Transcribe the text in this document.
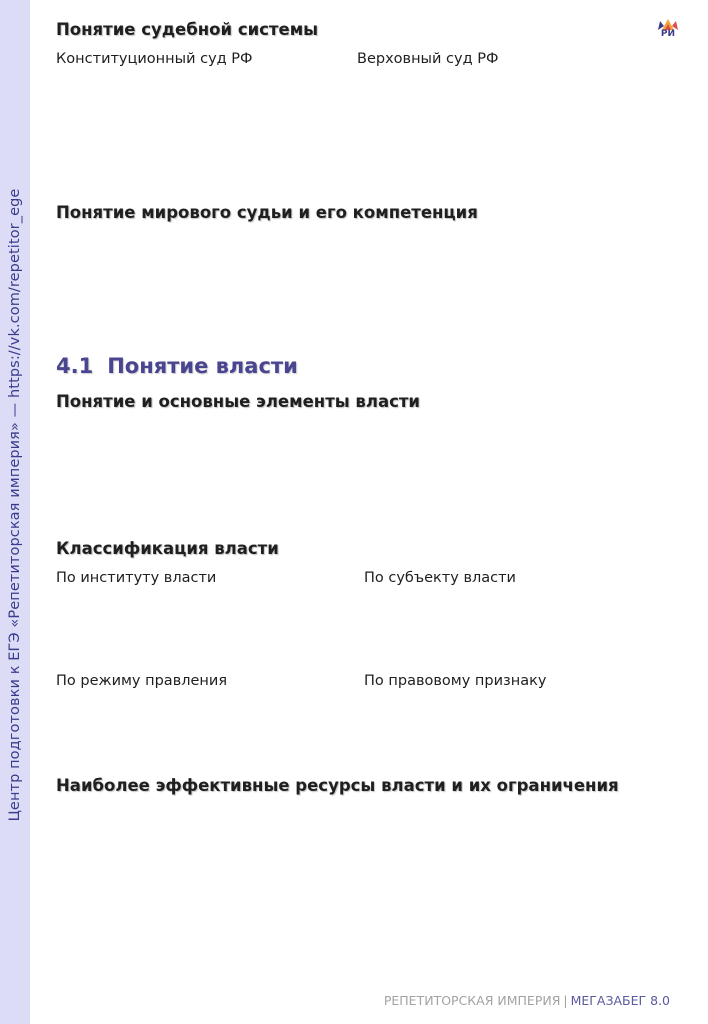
Центр подготовки к ЕГЭ «Репетиторская империя» — https://vk.com/repetitor_ege
РИ
Понятие судебной системы
Конституционный суд РФ	Верховный суд РФ
Понятие мирового судьи и его компетенция
4.1 Понятие власти
Понятие и основные элементы власти
Классификация власти
По институту власти	По субъекту власти
По режиму правления	По правовому признаку
Наиболее эффективные ресурсы власти и их ограничения
РЕПЕТИТОРСКАЯ ИМПЕРИЯ | МЕГАЗАБЕГ 8.0
